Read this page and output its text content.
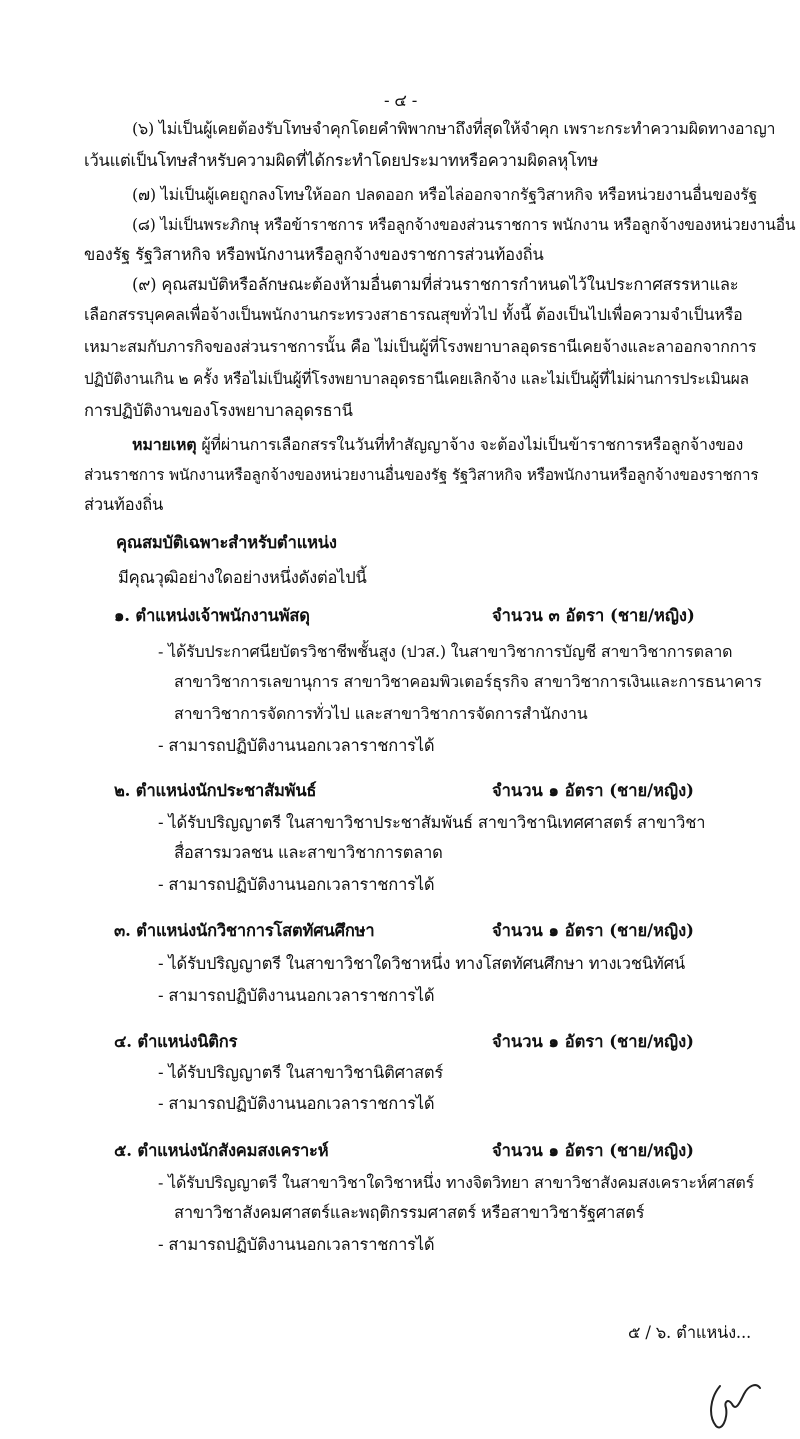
- ๔ -
(๖) ไม่เป็นผู้เคยต้องรับโทษจำคุกโดยคำพิพากษาถึงที่สุดให้จำคุก เพราะกระทำความผิดทางอาญา
เว้นแต่เป็นโทษสำหรับความผิดที่ได้กระทำโดยประมาทหรือความผิดลหุโทษ
(๗) ไม่เป็นผู้เคยถูกลงโทษให้ออก ปลดออก หรือไล่ออกจากรัฐวิสาหกิจ หรือหน่วยงานอื่นของรัฐ
(๘) ไม่เป็นพระภิกษุ หรือข้าราชการ หรือลูกจ้างของส่วนราชการ พนักงาน หรือลูกจ้างของหน่วยงานอื่น
ของรัฐ รัฐวิสาหกิจ หรือพนักงานหรือลูกจ้างของราชการส่วนท้องถิ่น
(๙) คุณสมบัติหรือลักษณะต้องห้ามอื่นตามที่ส่วนราชการกำหนดไว้ในประกาศสรรหาและ
เลือกสรรบุคคลเพื่อจ้างเป็นพนักงานกระทรวงสาธารณสุขทั่วไป ทั้งนี้ ต้องเป็นไปเพื่อความจำเป็นหรือ
เหมาะสมกับภารกิจของส่วนราชการนั้น คือ ไม่เป็นผู้ที่โรงพยาบาลอุดรธานีเคยจ้างและลาออกจากการ
ปฏิบัติงานเกิน ๒ ครั้ง หรือไม่เป็นผู้ที่โรงพยาบาลอุดรธานีเคยเลิกจ้าง และไม่เป็นผู้ที่ไม่ผ่านการประเมินผล
การปฏิบัติงานของโรงพยาบาลอุดรธานี
หมายเหตุ ผู้ที่ผ่านการเลือกสรรในวันที่ทำสัญญาจ้าง จะต้องไม่เป็นข้าราชการหรือลูกจ้างของ
ส่วนราชการ พนักงานหรือลูกจ้างของหน่วยงานอื่นของรัฐ รัฐวิสาหกิจ หรือพนักงานหรือลูกจ้างของราชการ
ส่วนท้องถิ่น
คุณสมบัติเฉพาะสำหรับตำแหน่ง
มีคุณวุฒิอย่างใดอย่างหนึ่งดังต่อไปนี้
๑. ตำแหน่งเจ้าพนักงานพัสดุ	จำนวน ๓ อัตรา (ชาย/หญิง)
- ได้รับประกาศนียบัตรวิชาชีพชั้นสูง (ปวส.) ในสาขาวิชาการบัญชี สาขาวิชาการตลาด
สาขาวิชาการเลขานุการ สาขาวิชาคอมพิวเตอร์ธุรกิจ สาขาวิชาการเงินและการธนาคาร
สาขาวิชาการจัดการทั่วไป และสาขาวิชาการจัดการสำนักงาน
- สามารถปฏิบัติงานนอกเวลาราชการได้
๒. ตำแหน่งนักประชาสัมพันธ์	จำนวน ๑ อัตรา (ชาย/หญิง)
- ได้รับปริญญาตรี ในสาขาวิชาประชาสัมพันธ์ สาขาวิชานิเทศศาสตร์ สาขาวิชา
สื่อสารมวลชน และสาขาวิชาการตลาด
- สามารถปฏิบัติงานนอกเวลาราชการได้
๓. ตำแหน่งนักวิชาการโสตทัศนศึกษา	จำนวน ๑ อัตรา (ชาย/หญิง)
- ได้รับปริญญาตรี ในสาขาวิชาใดวิชาหนึ่ง ทางโสตทัศนศึกษา ทางเวชนิทัศน์
- สามารถปฏิบัติงานนอกเวลาราชการได้
๔. ตำแหน่งนิติกร	จำนวน ๑ อัตรา (ชาย/หญิง)
- ได้รับปริญญาตรี ในสาขาวิชานิติศาสตร์
- สามารถปฏิบัติงานนอกเวลาราชการได้
๕. ตำแหน่งนักสังคมสงเคราะห์	จำนวน ๑ อัตรา (ชาย/หญิง)
- ได้รับปริญญาตรี ในสาขาวิชาใดวิชาหนึ่ง ทางจิตวิทยา สาขาวิชาสังคมสงเคราะห์ศาสตร์
สาขาวิชาสังคมศาสตร์และพฤติกรรมศาสตร์ หรือสาขาวิชารัฐศาสตร์
- สามารถปฏิบัติงานนอกเวลาราชการได้
๕ / ๖. ตำแหน่ง...
